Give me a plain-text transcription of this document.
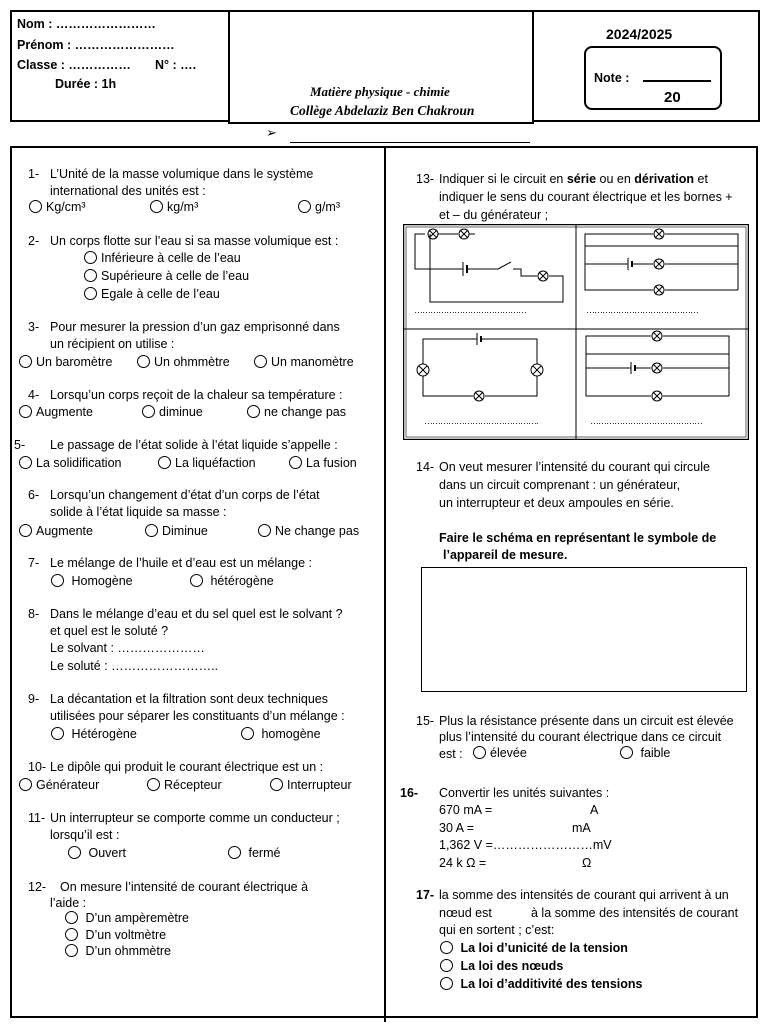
Nom : ……………………
Prénom : ……………………
Classe : …………… N° : ….
Durée : 1h	Matière physique - chimie
Collège Abdelaziz Ben Chakroun
2024/2025
Note :
20
➢
1- L’Unité de la masse volumique dans le système
international des unités est :
Kg/cm³	kg/m³	g/m³
2- Un corps flotte sur l’eau si sa masse volumique est :
Inférieure à celle de l’eau
Supérieure à celle de l’eau
Egale à celle de l’eau
3- Pour mesurer la pression d’un gaz emprisonné dans
un récipient on utilise :
Un baromètre	Un ohmmètre	Un manomètre
4- Lorsqu’un corps reçoit de la chaleur sa température :
Augmente	diminue	ne change pas
5- Le passage de l’état solide à l’état liquide s’appelle :
La solidification	La liquéfaction	La fusion
6- Lorsqu’un changement d’état d’un corps de l’état
solide à l’état liquide sa masse :
Augmente	Diminue	Ne change pas
7- Le mélange de l’huile et d’eau est un mélange :
Homogène	hétérogène
8- Dans le mélange d’eau et du sel quel est le solvant ?
et quel est le soluté ?
Le solvant : …………………
Le soluté : ……………………..
9- La décantation et la filtration sont deux techniques
utilisées pour séparer les constituants d’un mélange :
Hétérogène	homogène
10- Le dipôle qui produit le courant électrique est un :
Générateur	Récepteur	Interrupteur
11- Un interrupteur se comporte comme un conducteur ;
lorsqu’il est :
Ouvert	fermé
12- On mesure l’intensité de courant électrique à
l’aide :
D’un ampèremètre
D’un voltmètre
D’un ohmmètre
13- Indiquer si le circuit en série ou en dérivation et
indiquer le sens du courant électrique et les bornes +
et – du générateur ;
……………………………………	……………………………………
…………………………………….	……………………………………
14- On veut mesurer l’intensité du courant qui circule
dans un circuit comprenant : un générateur,
un interrupteur et deux ampoules en série.
Faire le schéma en représentant le symbole de
l’appareil de mesure.
15- Plus la résistance présente dans un circuit est élevée
plus l’intensité du courant électrique dans ce circuit
est :	élevée	faible
16- Convertir les unités suivantes :
670 mA =	A
30 A =	mA
1,362 V =……………………mV
24 k Ω =	Ω
17- la somme des intensités de courant qui arrivent à un
nœud est	à la somme des intensités de courant
qui en sortent ; c’est:
La loi d’unicité de la tension
La loi des nœuds
La loi d’additivité des tensions
